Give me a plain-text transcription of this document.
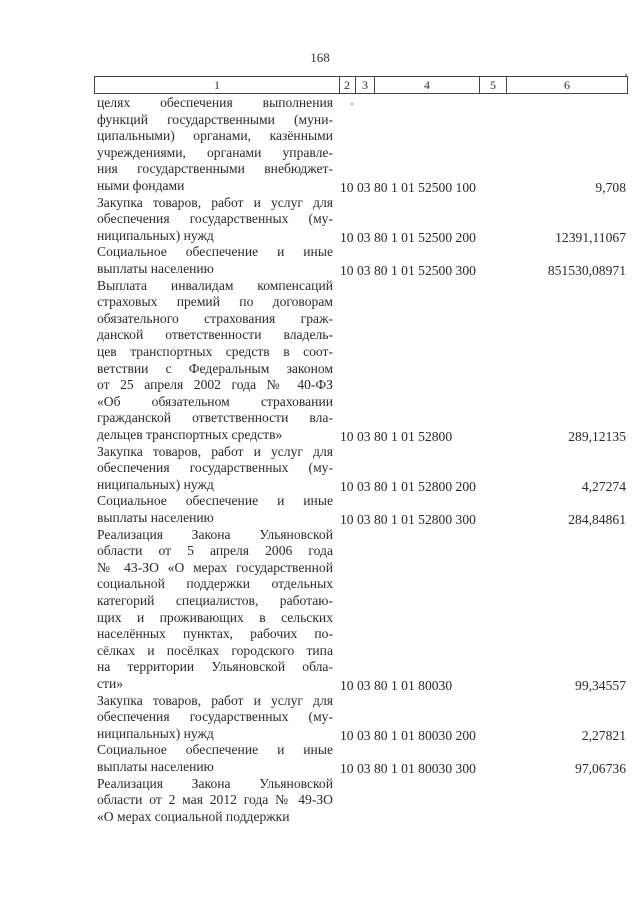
168
1	2	3	4	5	6
целях обеспечения выполнения
функций государственными (муни-
ципальными) органами, казёнными
учреждениями, органами управле-
ния государственными внебюджет-
ными фондами	10 03 80 1 01 52500 100	9,708
Закупка товаров, работ и услуг для
обеспечения государственных (му-
ниципальных) нужд	10 03 80 1 01 52500 200	12391,11067
Социальное обеспечение и иные
выплаты населению	10 03 80 1 01 52500 300	851530,08971
Выплата инвалидам компенсаций
страховых премий по договорам
обязательного страхования граж-
данской ответственности владель-
цев транспортных средств в соот-
ветствии с Федеральным законом
от 25 апреля 2002 года № 40-ФЗ
«Об обязательном страховании
гражданской ответственности вла-
дельцев транспортных средств»	10 03 80 1 01 52800	289,12135
Закупка товаров, работ и услуг для
обеспечения государственных (му-
ниципальных) нужд	10 03 80 1 01 52800 200	4,27274
Социальное обеспечение и иные
выплаты населению	10 03 80 1 01 52800 300	284,84861
Реализация Закона Ульяновской
области от 5 апреля 2006 года
№ 43-ЗО «О мерах государственной
социальной поддержки отдельных
категорий специалистов, работаю-
щих и проживающих в сельских
населённых пунктах, рабочих по-
сёлках и посёлках городского типа
на территории Ульяновской обла-
сти»	10 03 80 1 01 80030	99,34557
Закупка товаров, работ и услуг для
обеспечения государственных (му-
ниципальных) нужд	10 03 80 1 01 80030 200	2,27821
Социальное обеспечение и иные
выплаты населению	10 03 80 1 01 80030 300	97,06736
Реализация Закона Ульяновской
области от 2 мая 2012 года № 49-ЗО
«О мерах социальной поддержки
